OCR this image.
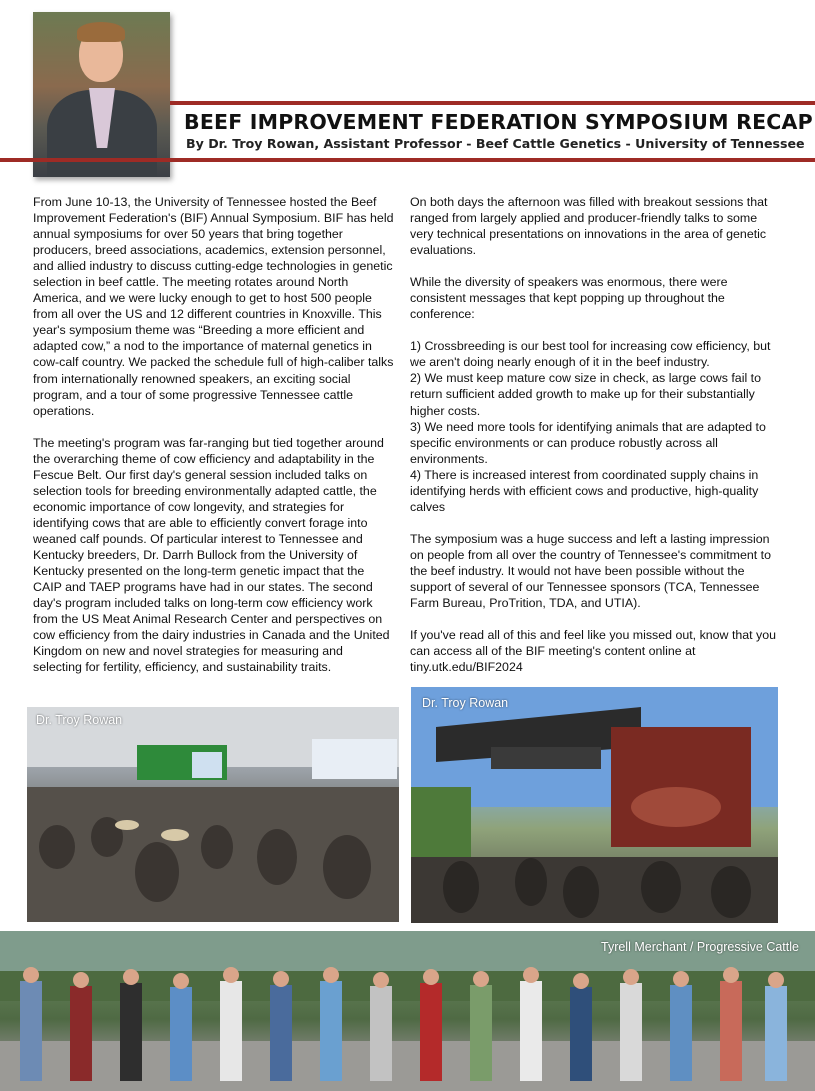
BEEF IMPROVEMENT FEDERATION SYMPOSIUM RECAP
By Dr. Troy Rowan, Assistant Professor - Beef Cattle Genetics - University of Tennessee

From June 10-13, the University of Tennessee hosted the Beef Improvement Federation's (BIF) Annual Symposium. BIF has held annual symposiums for over 50 years that bring together producers, breed associations, academics, extension personnel, and allied industry to discuss cutting-edge technologies in genetic selection in beef cattle. The meeting rotates around North America, and we were lucky enough to get to host 500 people from all over the US and 12 different countries in Knoxville. This year's symposium theme was “Breeding a more efficient and adapted cow,” a nod to the importance of maternal genetics in cow-calf country. We packed the schedule full of high-caliber talks from internationally renowned speakers, an exciting social program, and a tour of some progressive Tennessee cattle operations.

The meeting's program was far-ranging but tied together around the overarching theme of cow efficiency and adaptability in the Fescue Belt. Our first day's general session included talks on selection tools for breeding environmentally adapted cattle, the economic importance of cow longevity, and strategies for identifying cows that are able to efficiently convert forage into weaned calf pounds. Of particular interest to Tennessee and Kentucky breeders, Dr. Darrh Bullock from the University of Kentucky presented on the long-term genetic impact that the CAIP and TAEP programs have had in our states. The second day's program included talks on long-term cow efficiency work from the US Meat Animal Research Center and perspectives on cow efficiency from the dairy industries in Canada and the United Kingdom on new and novel strategies for measuring and selecting for fertility, efficiency, and sustainability traits.

On both days the afternoon was filled with breakout sessions that ranged from largely applied and producer-friendly talks to some very technical presentations on innovations in the area of genetic evaluations.

While the diversity of speakers was enormous, there were consistent messages that kept popping up throughout the conference:

1) Crossbreeding is our best tool for increasing cow efficiency, but we aren't doing nearly enough of it in the beef industry.
2) We must keep mature cow size in check, as large cows fail to return sufficient added growth to make up for their substantially higher costs.
3) We need more tools for identifying animals that are adapted to specific environments or can produce robustly across all environments.
4) There is increased interest from coordinated supply chains in identifying herds with efficient cows and productive, high-quality calves

The symposium was a huge success and left a lasting impression on people from all over the country of Tennessee's commitment to the beef industry. It would not have been possible without the support of several of our Tennessee sponsors (TCA, Tennessee Farm Bureau, ProTrition, TDA, and UTIA).

If you've read all of this and feel like you missed out, know that you can access all of the BIF meeting's content online at tiny.utk.edu/BIF2024

Dr. Troy Rowan
Dr. Troy Rowan
Tyrell Merchant / Progressive Cattle
